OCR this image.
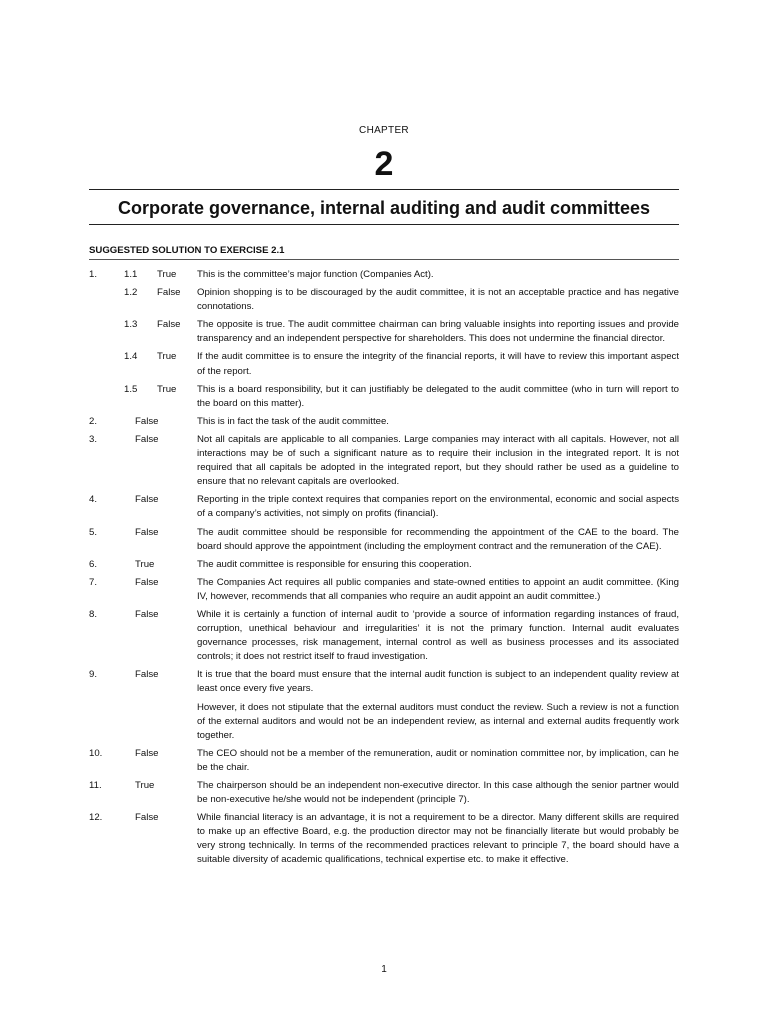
CHAPTER
2
Corporate governance, internal auditing and audit committees
SUGGESTED SOLUTION TO EXERCISE 2.1
1.	1.1 True This is the committee’s major function (Companies Act).

1.2 False Opinion shopping is to be discouraged by the audit committee, it is not an acceptable practice and has negative connotations.

1.3 False The opposite is true. The audit committee chairman can bring valuable insights into reporting issues and provide transparency and an independent perspective for shareholders. This does not undermine the financial director.

1.4 True If the audit committee is to ensure the integrity of the financial reports, it will have to review this important aspect of the report.

1.5 True This is a board responsibility, but it can justifiably be delegated to the audit committee (who in turn will report to the board on this matter).

2.	False	This is in fact the task of the audit committee.

3.	False	Not all capitals are applicable to all companies. Large companies may interact with all capitals. However, not all interactions may be of such a significant nature as to require their inclusion in the integrated report. It is not required that all capitals be adopted in the integrated report, but they should rather be used as a guideline to ensure that no relevant capitals are overlooked.

4.	False	Reporting in the triple context requires that companies report on the environmental, economic and social aspects of a company’s activities, not simply on profits (financial).

5.	False	The audit committee should be responsible for recommending the appointment of the CAE to the board. The board should approve the appointment (including the employment contract and the remuneration of the CAE).

6.	True	The audit committee is responsible for ensuring this cooperation.

7.	False	The Companies Act requires all public companies and state-owned entities to appoint an audit committee. (King IV, however, recommends that all companies who require an audit appoint an audit committee.)

8.	False	While it is certainly a function of internal audit to ‘provide a source of information regarding instances of fraud, corruption, unethical behaviour and irregularities’ it is not the primary function. Internal audit evaluates governance processes, risk management, internal control as well as business processes and its associated controls; it does not restrict itself to fraud investigation.

9.	False	It is true that the board must ensure that the internal audit function is subject to an independent quality review at least once every five years.

However, it does not stipulate that the external auditors must conduct the review. Such a review is not a function of the external auditors and would not be an independent review, as internal and external audits frequently work together.

10.	False	The CEO should not be a member of the remuneration, audit or nomination committee nor, by implication, can he be the chair.

11.	True	The chairperson should be an independent non-executive director. In this case although the senior partner would be non-executive he/she would not be independent (principle 7).

12.	False	While financial literacy is an advantage, it is not a requirement to be a director. Many different skills are required to make up an effective Board, e.g. the production director may not be financially literate but would probably be very strong technically. In terms of the recommended practices relevant to principle 7, the board should have a suitable diversity of academic qualifications, technical expertise etc. to make it effective.

1
